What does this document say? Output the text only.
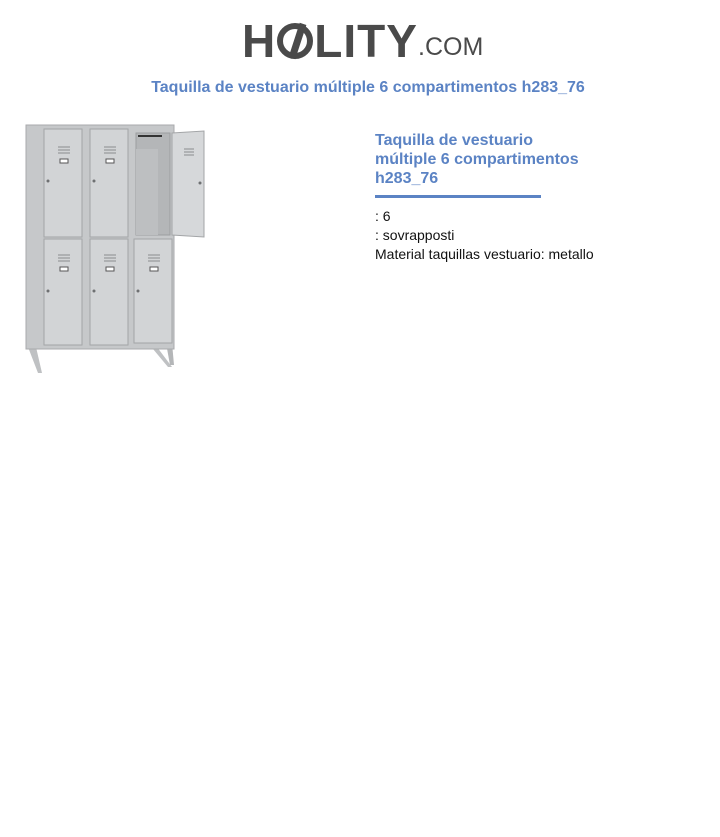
H LITY .COM
Taquilla de vestuario múltiple 6 compartimentos h283_76
Taquilla de vestuario múltiple 6 compartimentos h283_76
: 6
: sovrapposti
Material taquillas vestuario: metallo
